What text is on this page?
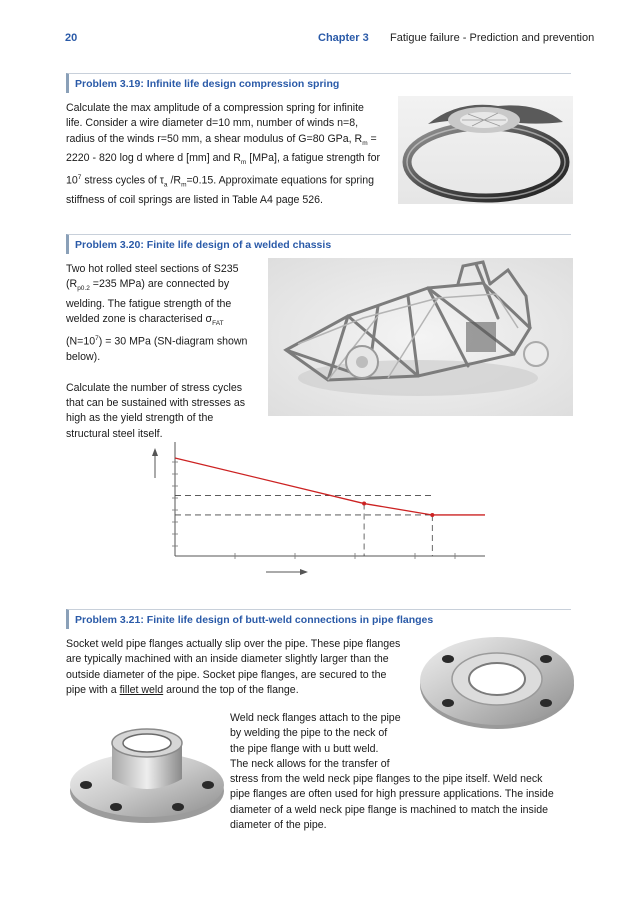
20	Chapter 3 Fatigue failure - Prediction and prevention
Problem 3.19: Infinite life design compression spring

Calculate the max amplitude of a compression spring for infinite

life. Consider a wire diameter d=10 mm, number of winds n=8,

radius of the winds r=50 mm, a shear modulus of G=80 GPa, $R_m$ =

2220 - 820 log d where d [mm] and $R_m$ [MPa], a fatigue strength for

$10^7$ stress cycles of $\tau_a$ $/R_m=0.15$. Approximate equations for spring

stiffness of coil springs are listed in Table A4 page 526.

Problem 3.20: Finite life design of a welded chassis

Two hot rolled steel sections of S235

($R_{p0.2} =235$ MPa) are connected by

welding. The fatigue strength of the

welded zone is characterised $\sigma_{FAT}$

$(N=10^7) = 30$ MPa (SN-diagram shown

below).

Calculate the number of stress cycles

that can be sustained with stresses as

high as the yield strength of the

structural steel itself.

Problem 3.21: Finite life design of butt-weld connections in pipe flanges

Socket weld pipe flanges actually slip over the pipe. These pipe flanges

are typically machined with an inside diameter slightly larger than the

outside diameter of the pipe. Socket pipe flanges, are secured to the

pipe with a fillet weld around the top of the flange.

Weld neck flanges attach to the pipe

by welding the pipe to the neck of

the pipe flange with u butt weld.

The neck allows for the transfer of

stress from the weld neck pipe flanges to the pipe itself. Weld neck

pipe flanges are often used for high pressure applications. The inside

diameter of a weld neck pipe flange is machined to match the inside

diameter of the pipe.
